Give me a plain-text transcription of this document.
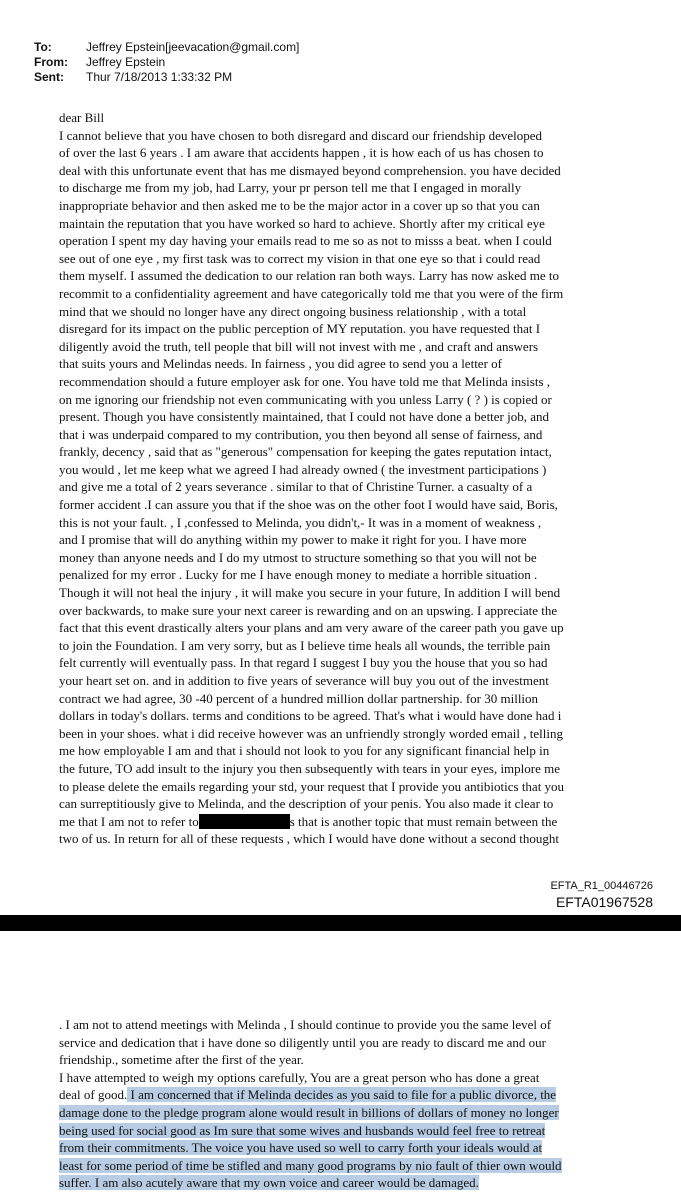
To:	Jeffrey Epstein[jeevacation@gmail.com]
From:	Jeffrey Epstein
Sent:	Thur 7/18/2013 1:33:32 PM
dear Bill
I cannot believe that you have chosen to both disregard and discard our friendship developed
of over the last 6 years . I am aware that accidents happen , it is how each of us has chosen to
deal with this unfortunate event that has me dismayed beyond comprehension. you have decided
to discharge me from my job, had Larry, your pr person tell me that I engaged in morally
inappropriate behavior and then asked me to be the major actor in a cover up so that you can
maintain the reputation that you have worked so hard to achieve. Shortly after my critical eye
operation I spent my day having your emails read to me so as not to misss a beat. when I could
see out of one eye , my first task was to correct my vision in that one eye so that i could read
them myself. I assumed the dedication to our relation ran both ways. Larry has now asked me to
recommit to a confidentiality agreement and have categorically told me that you were of the firm
mind that we should no longer have any direct ongoing business relationship , with a total
disregard for its impact on the public perception of MY reputation. you have requested that I
diligently avoid the truth, tell people that bill will not invest with me , and craft and answers
that suits yours and Melindas needs. In fairness , you did agree to send you a letter of
recommendation should a future employer ask for one. You have told me that Melinda insists ,
on me ignoring our friendship not even communicating with you unless Larry ( ? ) is copied or
present. Though you have consistently maintained, that I could not have done a better job, and
that i was underpaid compared to my contribution, you then beyond all sense of fairness, and
frankly, decency , said that as "generous" compensation for keeping the gates reputation intact,
you would , let me keep what we agreed I had already owned ( the investment participations )
and give me a total of 2 years severance . similar to that of Christine Turner. a casualty of a
former accident .I can assure you that if the shoe was on the other foot I would have said, Boris,
this is not your fault. , I ,confessed to Melinda, you didn't,- It was in a moment of weakness ,
and I promise that will do anything within my power to make it right for you. I have more
money than anyone needs and I do my utmost to structure something so that you will not be
penalized for my error . Lucky for me I have enough money to mediate a horrible situation .
Though it will not heal the injury , it will make you secure in your future, In addition I will bend
over backwards, to make sure your next career is rewarding and on an upswing. I appreciate the
fact that this event drastically alters your plans and am very aware of the career path you gave up
to join the Foundation. I am very sorry, but as I believe time heals all wounds, the terrible pain
felt currently will eventually pass. In that regard I suggest I buy you the house that you so had
your heart set on. and in addition to five years of severance will buy you out of the investment
contract we had agree, 30 -40 percent of a hundred million dollar partnership. for 30 million
dollars in today's dollars. terms and conditions to be agreed. That's what i would have done had i
been in your shoes. what i did receive however was an unfriendly strongly worded email , telling
me how employable I am and that i should not look to you for any significant financial help in
the future, TO add insult to the injury you then subsequently with tears in your eyes, implore me
to please delete the emails regarding your std, your request that I provide you antibiotics that you
can surreptitiously give to Melinda, and the description of your penis. You also made it clear to
me that I am not to refer to	s that is another topic that must remain between the
two of us. In return for all of these requests , which I would have done without a second thought
EFTA_R1_00446726
EFTA01967528
. I am not to attend meetings with Melinda , I should continue to provide you the same level of
service and dedication that i have done so diligently until you are ready to discard me and our
friendship., sometime after the first of the year.
I have attempted to weigh my options carefully, You are a great person who has done a great
deal of good. I am concerned that if Melinda decides as you said to file for a public divorce, the
damage done to the pledge program alone would result in billions of dollars of money no longer
being used for social good as Im sure that some wives and husbands would feel free to retreat
from their commitments. The voice you have used so well to carry forth your ideals would at
least for some period of time be stifled and many good programs by nio fault of thier own would
suffer. I am also acutely aware that my own voice and career would be damaged.
